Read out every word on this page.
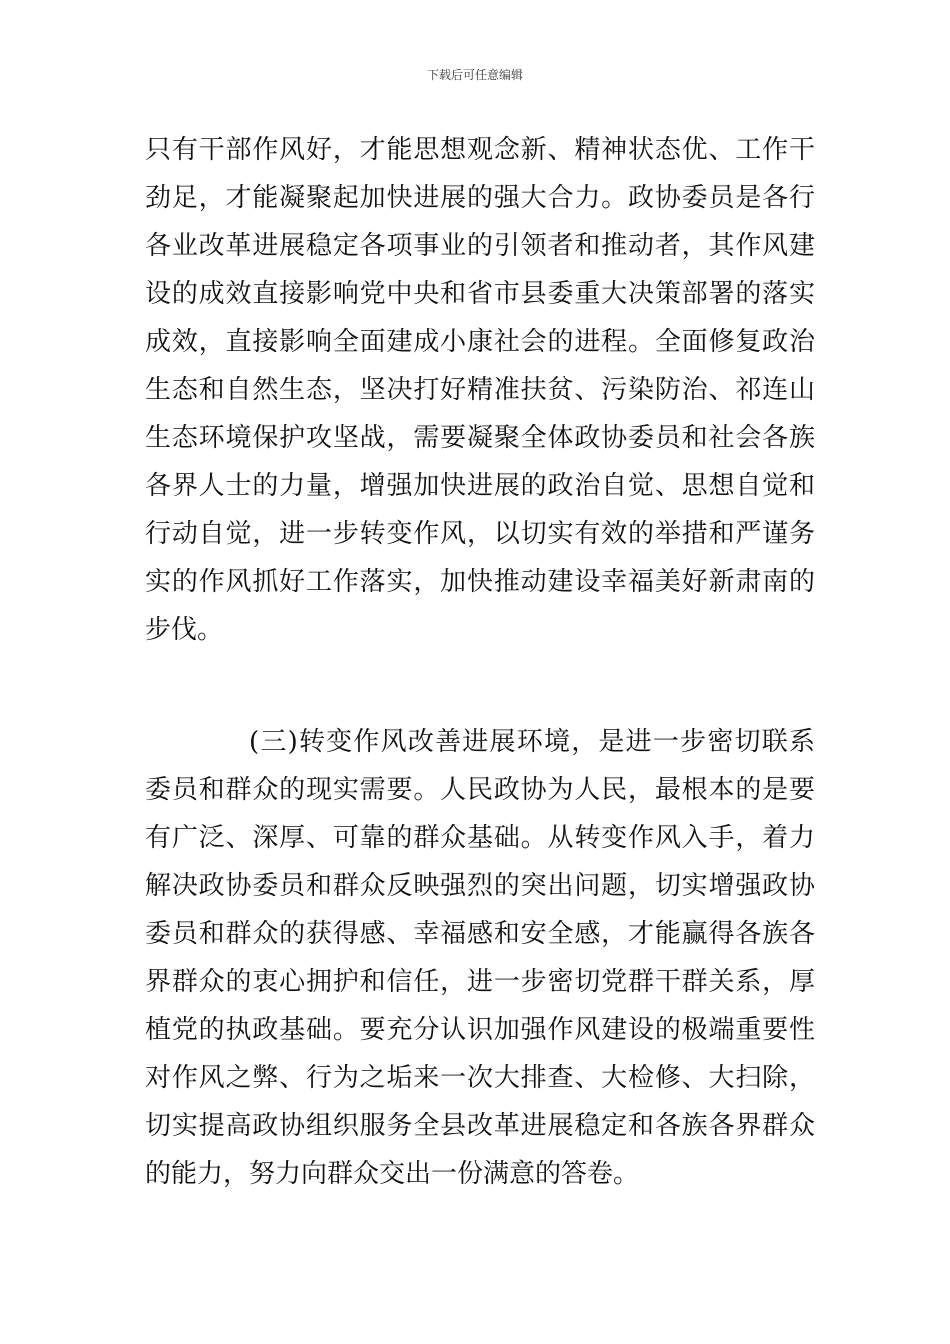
下载后可任意编辑
只有干部作风好，才能思想观念新、精神状态优、工作干
劲足，才能凝聚起加快进展的强大合力。政协委员是各行
各业改革进展稳定各项事业的引领者和推动者，其作风建
设的成效直接影响党中央和省市县委重大决策部署的落实
成效，直接影响全面建成小康社会的进程。全面修复政治
生态和自然生态，坚决打好精准扶贫、污染防治、祁连山
生态环境保护攻坚战，需要凝聚全体政协委员和社会各族
各界人士的力量，增强加快进展的政治自觉、思想自觉和
行动自觉，进一步转变作风，以切实有效的举措和严谨务
实的作风抓好工作落实，加快推动建设幸福美好新肃南的
步伐。
(三)转变作风改善进展环境，是进一步密切联系
委员和群众的现实需要。人民政协为人民，最根本的是要
有广泛、深厚、可靠的群众基础。从转变作风入手，着力
解决政协委员和群众反映强烈的突出问题，切实增强政协
委员和群众的获得感、幸福感和安全感，才能赢得各族各
界群众的衷心拥护和信任，进一步密切党群干群关系，厚
植党的执政基础。要充分认识加强作风建设的极端重要性
对作风之弊、行为之垢来一次大排查、大检修、大扫除，
切实提高政协组织服务全县改革进展稳定和各族各界群众
的能力，努力向群众交出一份满意的答卷。
